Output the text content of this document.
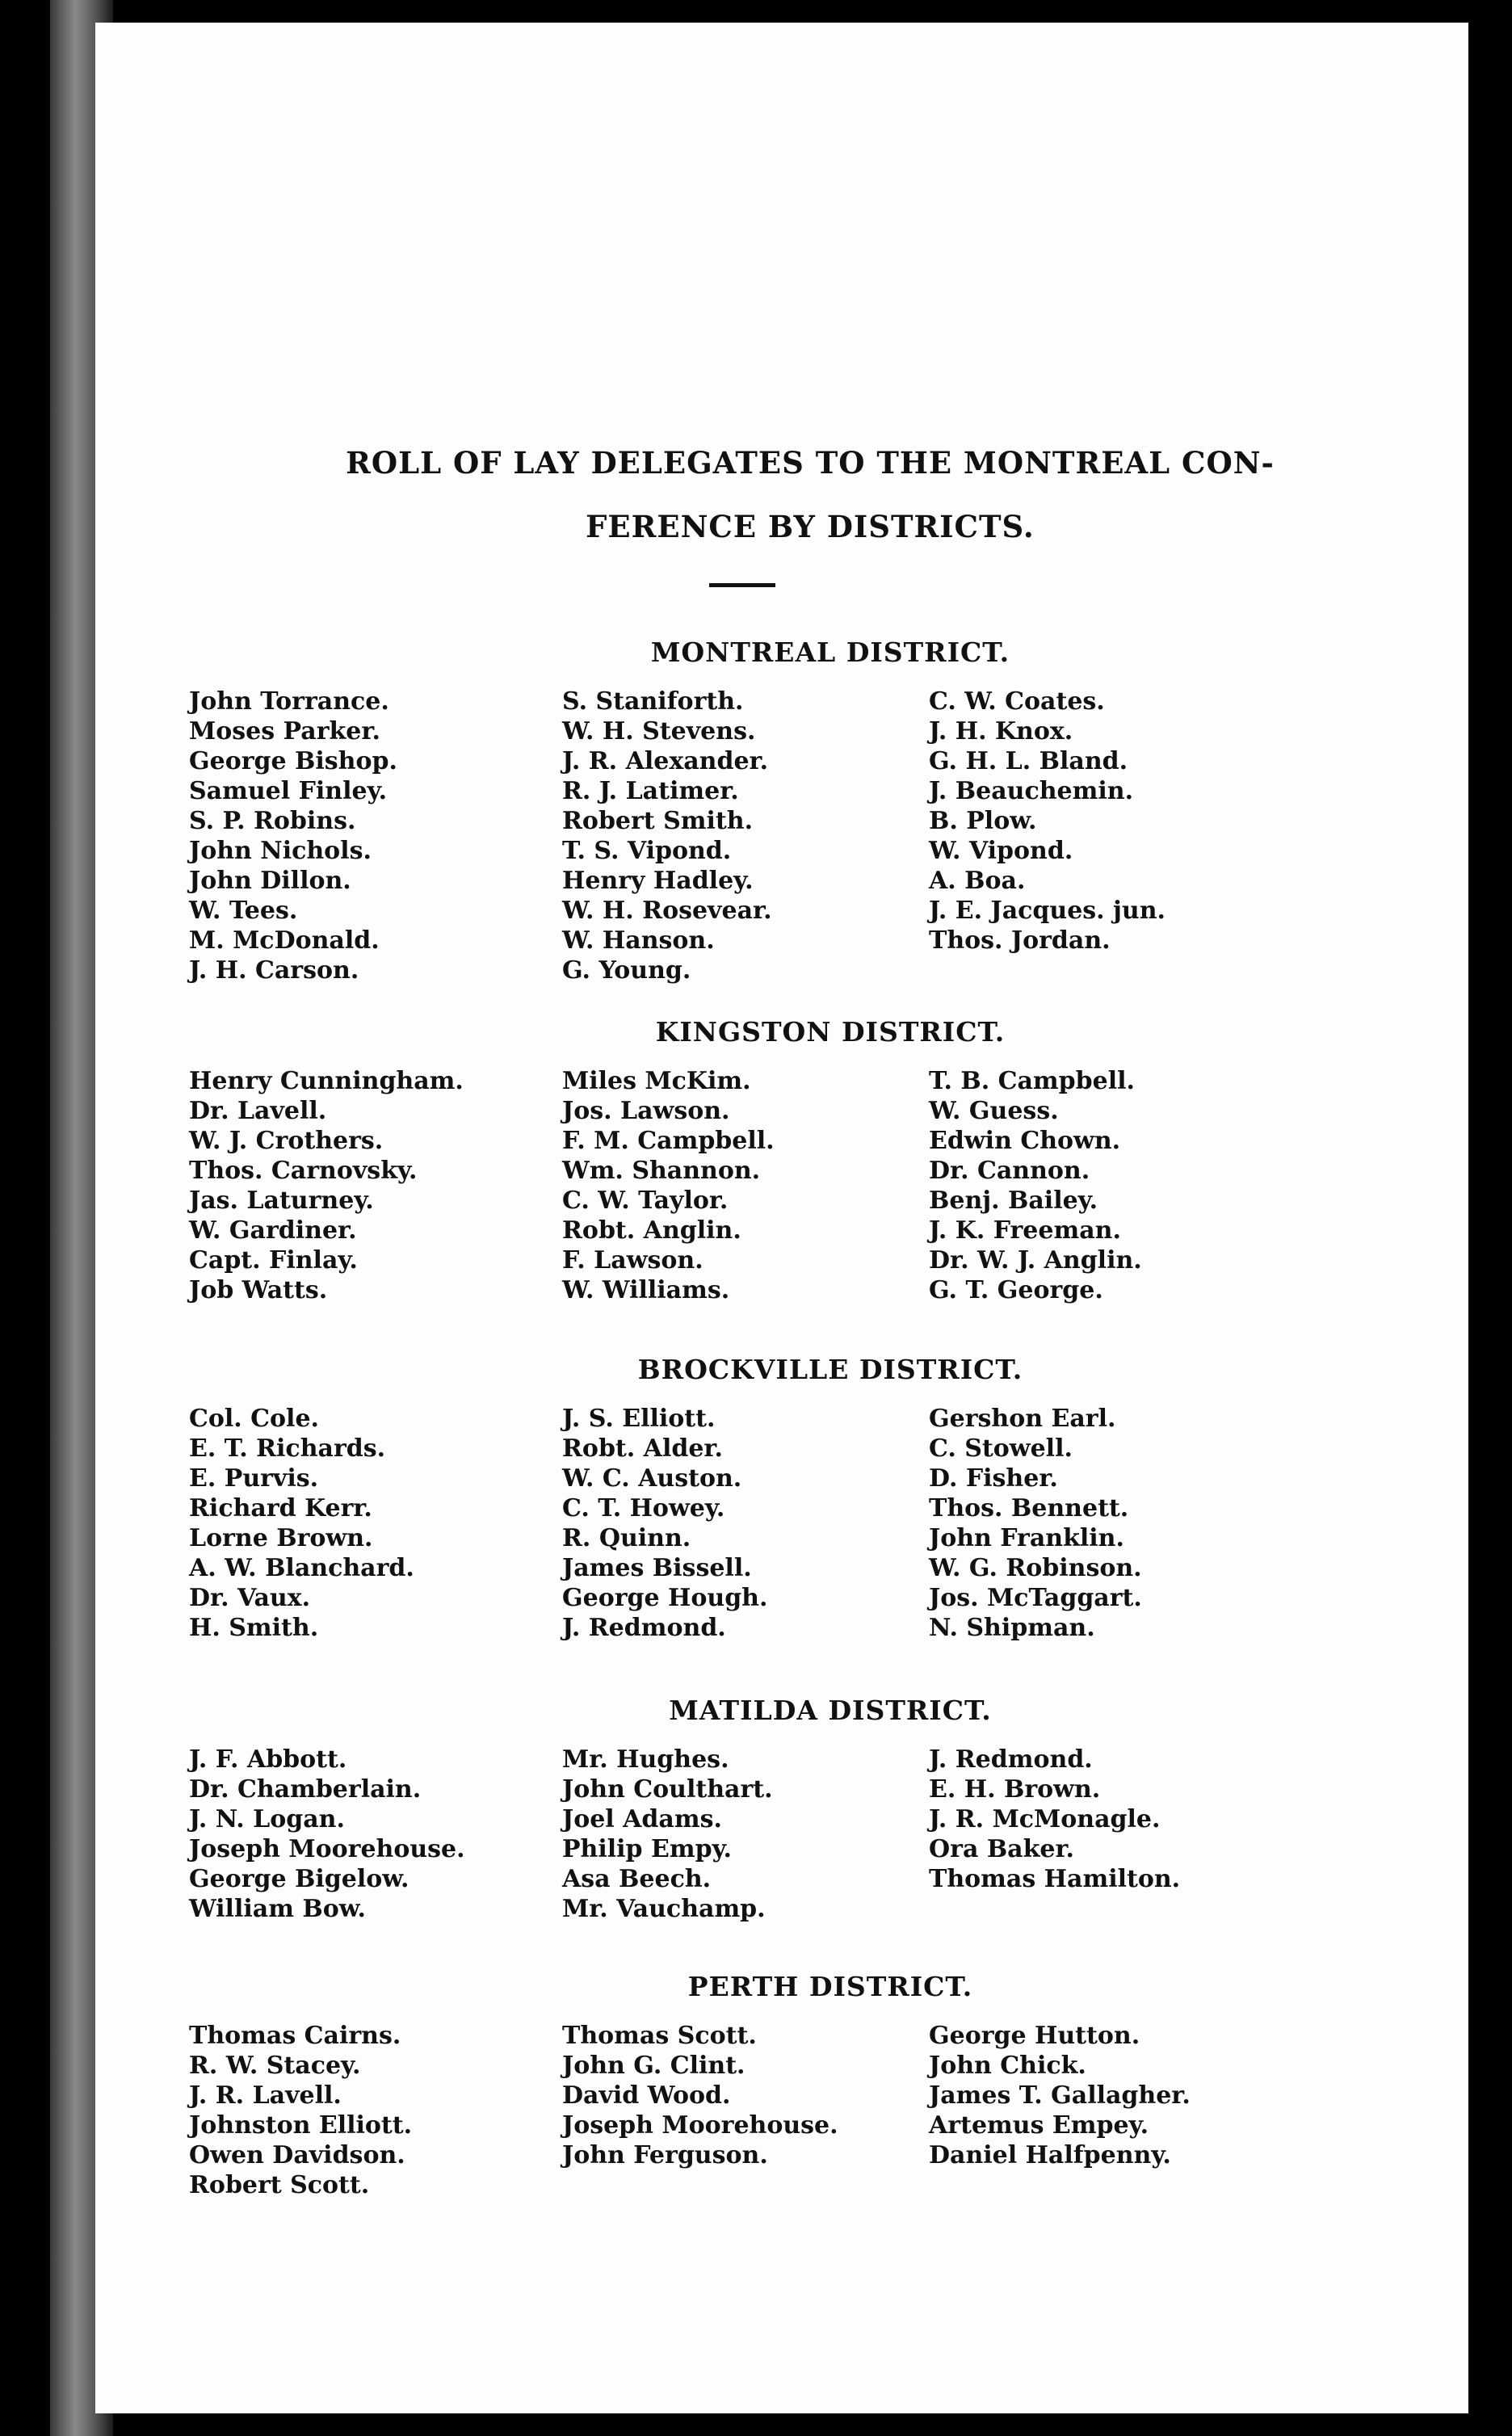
ROLL OF LAY DELEGATES TO THE MONTREAL CON-
FERENCE BY DISTRICTS.
MONTREAL DISTRICT.
John Torrance.
Moses Parker.
George Bishop.
Samuel Finley.
S. P. Robins.
John Nichols.
John Dillon.
W. Tees.
M. McDonald.
J. H. Carson.
S. Staniforth.
W. H. Stevens.
J. R. Alexander.
R. J. Latimer.
Robert Smith.
T. S. Vipond.
Henry Hadley.
W. H. Rosevear.
W. Hanson.
G. Young.
C. W. Coates.
J. H. Knox.
G. H. L. Bland.
J. Beauchemin.
B. Plow.
W. Vipond.
A. Boa.
J. E. Jacques. jun.
Thos. Jordan.
KINGSTON DISTRICT.
Henry Cunningham.
Dr. Lavell.
W. J. Crothers.
Thos. Carnovsky.
Jas. Laturney.
W. Gardiner.
Capt. Finlay.
Job Watts.
Miles McKim.
Jos. Lawson.
F. M. Campbell.
Wm. Shannon.
C. W. Taylor.
Robt. Anglin.
F. Lawson.
W. Williams.
T. B. Campbell.
W. Guess.
Edwin Chown.
Dr. Cannon.
Benj. Bailey.
J. K. Freeman.
Dr. W. J. Anglin.
G. T. George.
BROCKVILLE DISTRICT.
Col. Cole.
E. T. Richards.
E. Purvis.
Richard Kerr.
Lorne Brown.
A. W. Blanchard.
Dr. Vaux.
H. Smith.
J. S. Elliott.
Robt. Alder.
W. C. Auston.
C. T. Howey.
R. Quinn.
James Bissell.
George Hough.
J. Redmond.
Gershon Earl.
C. Stowell.
D. Fisher.
Thos. Bennett.
John Franklin.
W. G. Robinson.
Jos. McTaggart.
N. Shipman.
MATILDA DISTRICT.
J. F. Abbott.
Dr. Chamberlain.
J. N. Logan.
Joseph Moorehouse.
George Bigelow.
William Bow.
Mr. Hughes.
John Coulthart.
Joel Adams.
Philip Empy.
Asa Beech.
Mr. Vauchamp.
J. Redmond.
E. H. Brown.
J. R. McMonagle.
Ora Baker.
Thomas Hamilton.
PERTH DISTRICT.
Thomas Cairns.
R. W. Stacey.
J. R. Lavell.
Johnston Elliott.
Owen Davidson.
Robert Scott.
Thomas Scott.
John G. Clint.
David Wood.
Joseph Moorehouse.
John Ferguson.
George Hutton.
John Chick.
James T. Gallagher.
Artemus Empey.
Daniel Halfpenny.
